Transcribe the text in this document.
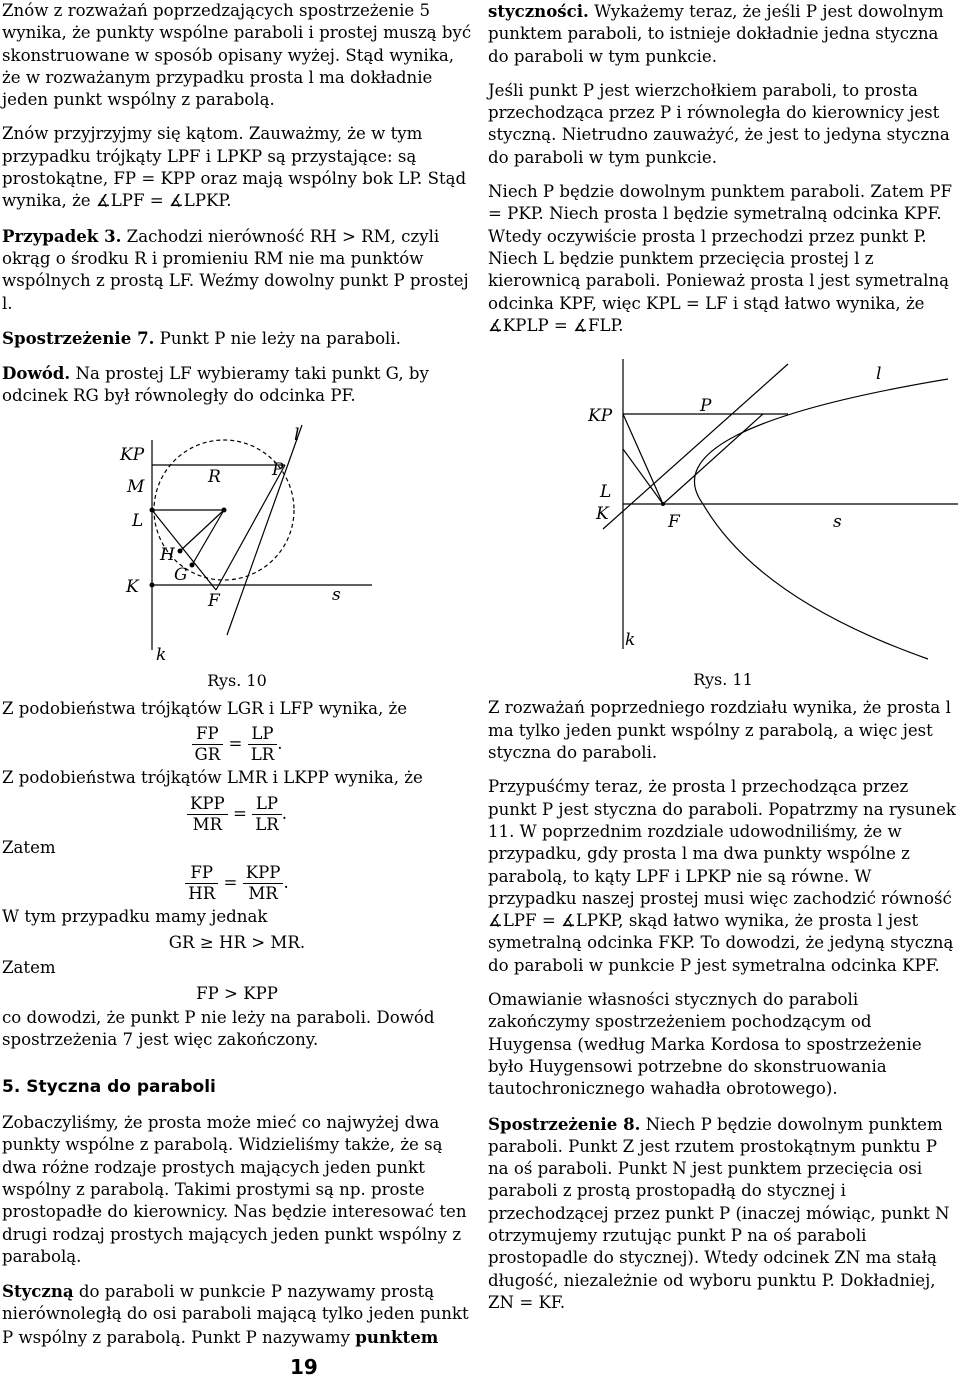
Znów z rozważań poprzedzających spostrzeżenie 5 wynika, że punkty wspólne paraboli i prostej muszą być skonstruowane w sposób opisany wyżej. Stąd wynika, że w rozważanym przypadku prosta l ma dokładnie jeden punkt wspólny z parabolą.

Znów przyjrzyjmy się kątom. Zauważmy, że w tym przypadku trójkąty LPF i LPKP są przystające: są prostokątne, FP = KPP oraz mają wspólny bok LP. Stąd wynika, że ∡LPF = ∡LPKP.

Przypadek 3. Zachodzi nierówność RH > RM, czyli okrąg o środku R i promieniu RM nie ma punktów wspólnych z prostą LF. Weźmy dowolny punkt P prostej l.

Spostrzeżenie 7. Punkt P nie leży na paraboli.

Dowód. Na prostej LF wybieramy taki punkt G, by odcinek RG był równoległy do odcinka PF.

KP
M
L
K
H
G
F
R	P
l
s
k
Rys. 10

Z podobieństwa trójkątów LGR i LFP wynika, że

$\frac{FP}{GR} = \frac{LP}{LR}$ .

Z podobieństwa trójkątów LMR i LKPP wynika, że

$\frac{\text{KPP}}{MR} = \frac{LP}{LR}$ .

Zatem

$\frac{FP}{HR} = \frac{\text{KPP}}{MR}$ .

W tym przypadku mamy jednak

GR ≥ HR > MR.

Zatem

FP > KPP

co dowodzi, że punkt P nie leży na paraboli. Dowód spostrzeżenia 7 jest więc zakończony.

5. Styczna do paraboli

Zobaczyliśmy, że prosta może mieć co najwyżej dwa punkty wspólne z parabolą. Widzieliśmy także, że są dwa różne rodzaje prostych mających jeden punkt wspólny z parabolą. Takimi prostymi są np. proste prostopadłe do kierownicy. Nas będzie interesować ten drugi rodzaj prostych mających jeden punkt wspólny z parabolą.

Styczną do paraboli w punkcie P nazywamy prostą nierównoległą do osi paraboli mającą tylko jeden punkt P wspólny z parabolą. Punkt P nazywamy punktem

styczności. Wykażemy teraz, że jeśli P jest dowolnym punktem paraboli, to istnieje dokładnie jedna styczna do paraboli w tym punkcie.

Jeśli punkt P jest wierzchołkiem paraboli, to prosta przechodząca przez P i równoległa do kierownicy jest styczną. Nietrudno zauważyć, że jest to jedyna styczna do paraboli w tym punkcie.

Niech P będzie dowolnym punktem paraboli. Zatem PF = PKP. Niech prosta l będzie symetralną odcinka KPF. Wtedy oczywiście prosta l przechodzi przez punkt P. Niech L będzie punktem przecięcia prostej l z kierownicą paraboli. Ponieważ prosta l jest symetralną odcinka KPF, więc KPL = LF i stąd łatwo wynika, że ∡KPLP = ∡FLP.

l
KP	P
L
K	F	s
k
Rys. 11

Z rozważań poprzedniego rozdziału wynika, że prosta l ma tylko jeden punkt wspólny z parabolą, a więc jest styczna do paraboli.

Przypuśćmy teraz, że prosta l przechodząca przez punkt P jest styczna do paraboli. Popatrzmy na rysunek 11. W poprzednim rozdziale udowodniliśmy, że w przypadku, gdy prosta l ma dwa punkty wspólne z parabolą, to kąty LPF i LPKP nie są równe. W przypadku naszej prostej musi więc zachodzić równość ∡LPF = ∡LPKP, skąd łatwo wynika, że prosta l jest symetralną odcinka FKP. To dowodzi, że jedyną styczną do paraboli w punkcie P jest symetralna odcinka KPF.

Omawianie własności stycznych do paraboli zakończymy spostrzeżeniem pochodzącym od Huygensa (według Marka Kordosa to spostrzeżenie było Huygensowi potrzebne do skonstruowania tautochronicznego wahadła obrotowego).

Spostrzeżenie 8. Niech P będzie dowolnym punktem paraboli. Punkt Z jest rzutem prostokątnym punktu P na oś paraboli. Punkt N jest punktem przecięcia osi paraboli z prostą prostopadłą do stycznej i przechodzącej przez punkt P (inaczej mówiąc, punkt N otrzymujemy rzutując punkt P na oś paraboli prostopadle do stycznej). Wtedy odcinek ZN ma stałą długość, niezależnie od wyboru punktu P. Dokładniej, ZN = KF.

19
